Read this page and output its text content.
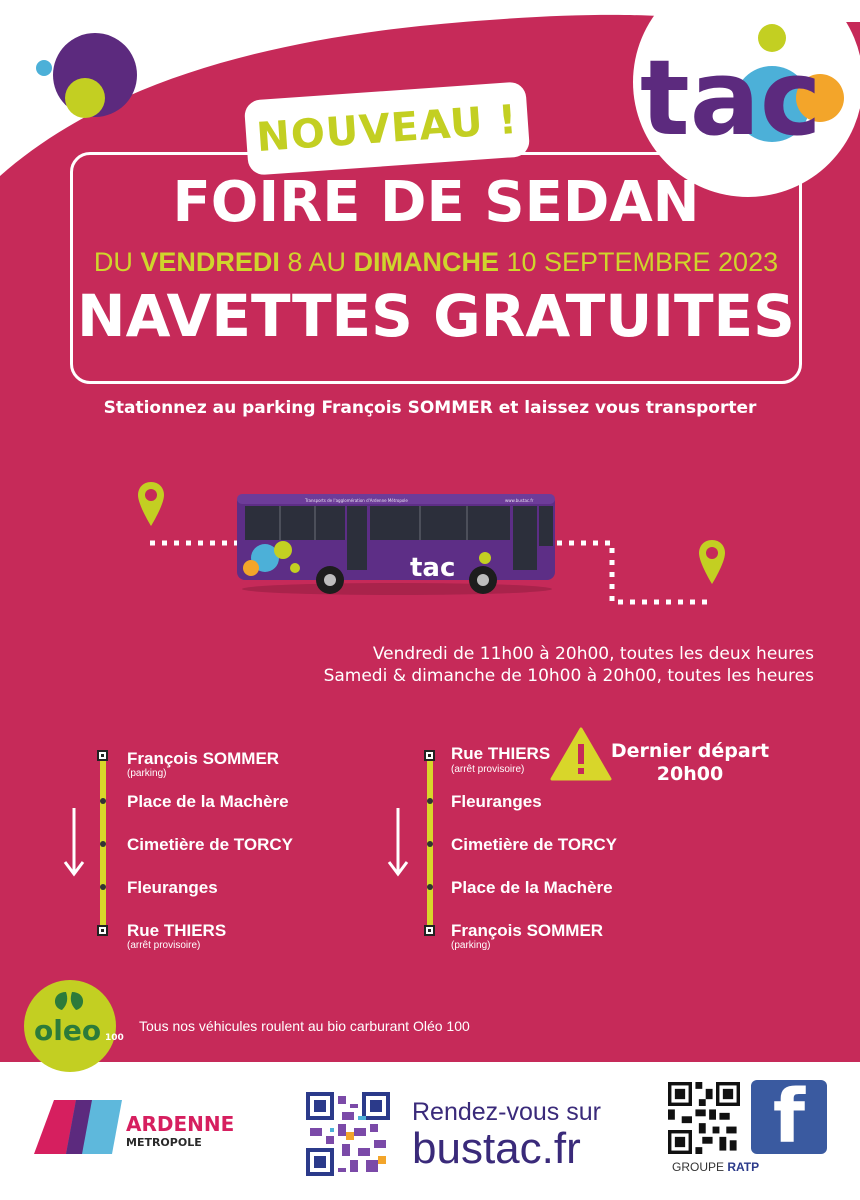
tac
NOUVEAU !
FOIRE DE SEDAN
DU VENDREDI 8 AU DIMANCHE 10 SEPTEMBRE 2023
NAVETTES GRATUITES
Stationnez au parking François SOMMER et laissez vous transporter
tac
Transports de l'agglomération d'Ardenne Métropole	www.bustac.fr
Vendredi de 11h00 à 20h00, toutes les deux heures
Samedi & dimanche de 10h00 à 20h00, toutes les heures
François SOMMER
(parking)
Place de la Machère
Cimetière de TORCY
Fleuranges
Rue THIERS
(arrêt provisoire)
Rue THIERS
(arrêt provisoire)
Fleuranges
Cimetière de TORCY
Place de la Machère
François SOMMER
(parking)
Dernier départ
20h00
oleo 100
Tous nos véhicules roulent au bio carburant Oléo 100
ARDENNE
METROPOLE
Rendez-vous sur
bustac.fr	f
GROUPE RATP
